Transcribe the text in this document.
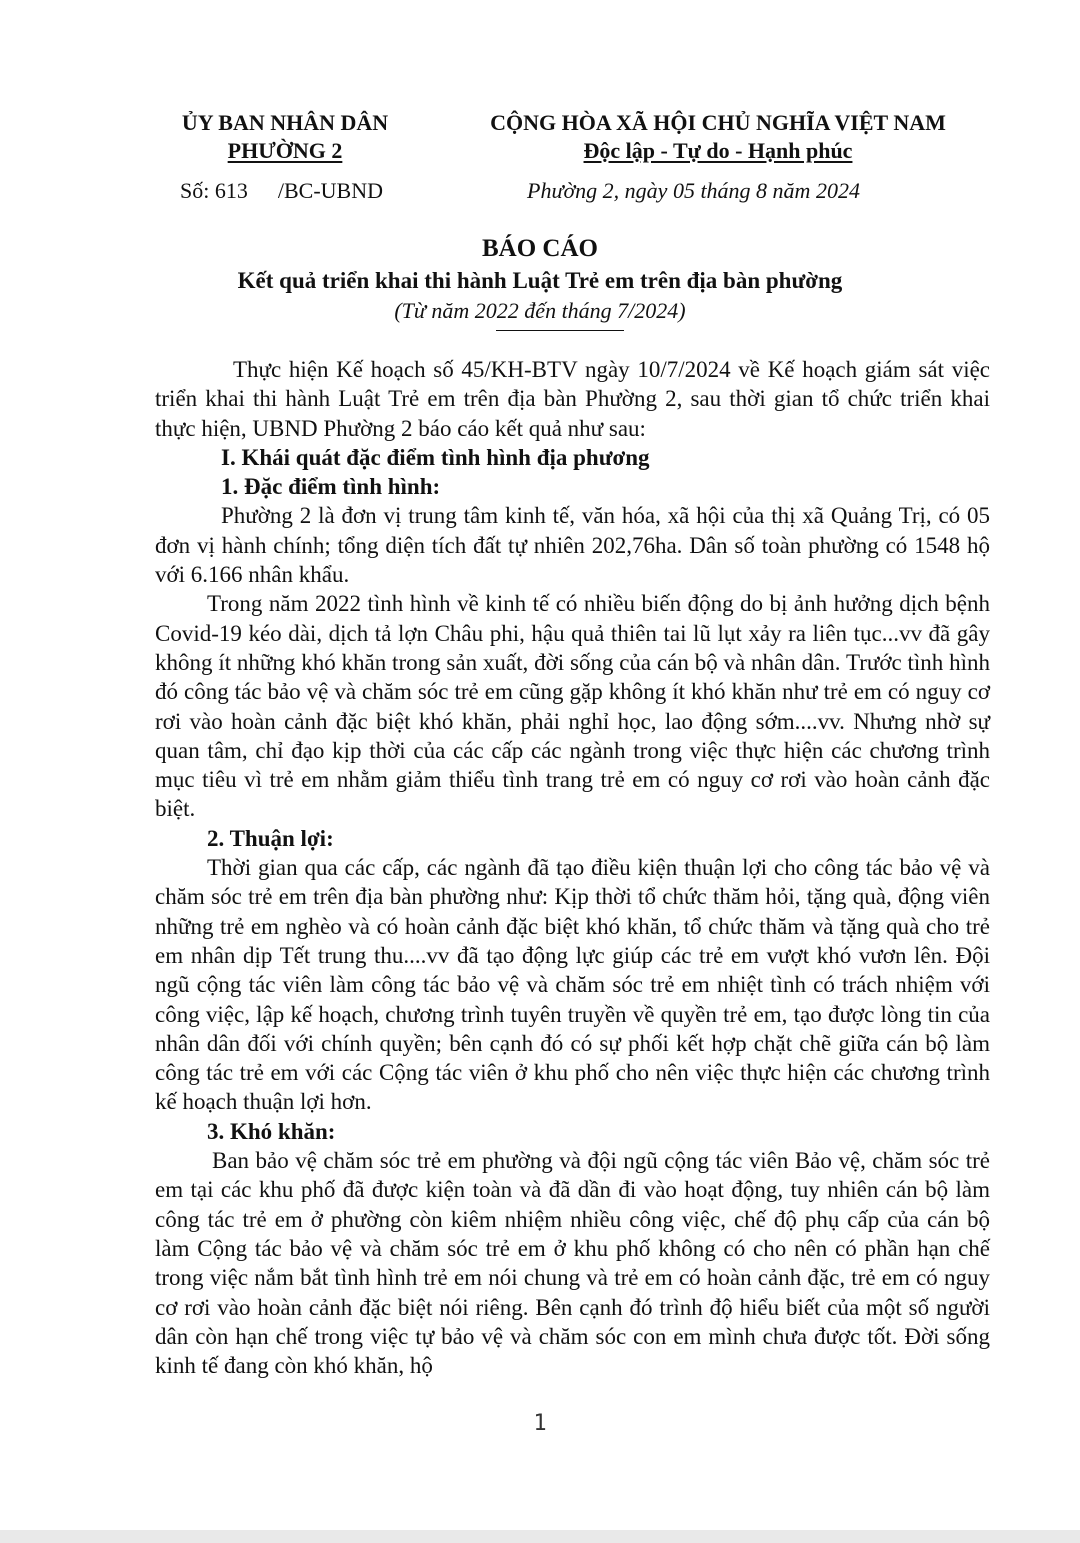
ỦY BAN NHÂN DÂN
PHƯỜNG 2
CỘNG HÒA XÃ HỘI CHỦ NGHĨA VIỆT NAM
Độc lập - Tự do - Hạnh phúc
Số: 613 /BC-UBND	Phường 2, ngày 05 tháng 8 năm 2024
BÁO CÁO
Kết quả triển khai thi hành Luật Trẻ em trên địa bàn phường
(Từ năm 2022 đến tháng 7/2024)

Thực hiện Kế hoạch số 45/KH-BTV ngày 10/7/2024 về Kế hoạch giám sát việc triển khai thi hành Luật Trẻ em trên địa bàn Phường 2, sau thời gian tổ chức triển khai thực hiện, UBND Phường 2 báo cáo kết quả như sau:

I. Khái quát đặc điểm tình hình địa phương

1. Đặc điểm tình hình:

Phường 2 là đơn vị trung tâm kinh tế, văn hóa, xã hội của thị xã Quảng Trị, có 05 đơn vị hành chính; tổng diện tích đất tự nhiên 202,76ha. Dân số toàn phường có 1548 hộ với 6.166 nhân khẩu.

Trong năm 2022 tình hình về kinh tế có nhiều biến động do bị ảnh hưởng dịch bệnh Covid-19 kéo dài, dịch tả lợn Châu phi, hậu quả thiên tai lũ lụt xảy ra liên tục...vv đã gây không ít những khó khăn trong sản xuất, đời sống của cán bộ và nhân dân. Trước tình hình đó công tác bảo vệ và chăm sóc trẻ em cũng gặp không ít khó khăn như trẻ em có nguy cơ rơi vào hoàn cảnh đặc biệt khó khăn, phải nghỉ học, lao động sớm....vv. Nhưng nhờ sự quan tâm, chỉ đạo kịp thời của các cấp các ngành trong việc thực hiện các chương trình mục tiêu vì trẻ em nhằm giảm thiểu tình trang trẻ em có nguy cơ rơi vào hoàn cảnh đặc biệt.

2. Thuận lợi:

Thời gian qua các cấp, các ngành đã tạo điều kiện thuận lợi cho công tác bảo vệ và chăm sóc trẻ em trên địa bàn phường như: Kịp thời tổ chức thăm hỏi, tặng quà, động viên những trẻ em nghèo và có hoàn cảnh đặc biệt khó khăn, tổ chức thăm và tặng quà cho trẻ em nhân dịp Tết trung thu....vv đã tạo động lực giúp các trẻ em vượt khó vươn lên. Đội ngũ cộng tác viên làm công tác bảo vệ và chăm sóc trẻ em nhiệt tình có trách nhiệm với công việc, lập kế hoạch, chương trình tuyên truyền về quyền trẻ em, tạo được lòng tin của nhân dân đối với chính quyền; bên cạnh đó có sự phối kết hợp chặt chẽ giữa cán bộ làm công tác trẻ em với các Cộng tác viên ở khu phố cho nên việc thực hiện các chương trình kế hoạch thuận lợi hơn.

3. Khó khăn:

Ban bảo vệ chăm sóc trẻ em phường và đội ngũ cộng tác viên Bảo vệ, chăm sóc trẻ em tại các khu phố đã được kiện toàn và đã dần đi vào hoạt động, tuy nhiên cán bộ làm công tác trẻ em ở phường còn kiêm nhiệm nhiều công việc, chế độ phụ cấp của cán bộ làm Cộng tác bảo vệ và chăm sóc trẻ em ở khu phố không có cho nên có phần hạn chế trong việc nắm bắt tình hình trẻ em nói chung và trẻ em có hoàn cảnh đặc, trẻ em có nguy cơ rơi vào hoàn cảnh đặc biệt nói riêng. Bên cạnh đó trình độ hiểu biết của một số người dân còn hạn chế trong việc tự bảo vệ và chăm sóc con em mình chưa được tốt. Đời sống kinh tế đang còn khó khăn, hộ

1
